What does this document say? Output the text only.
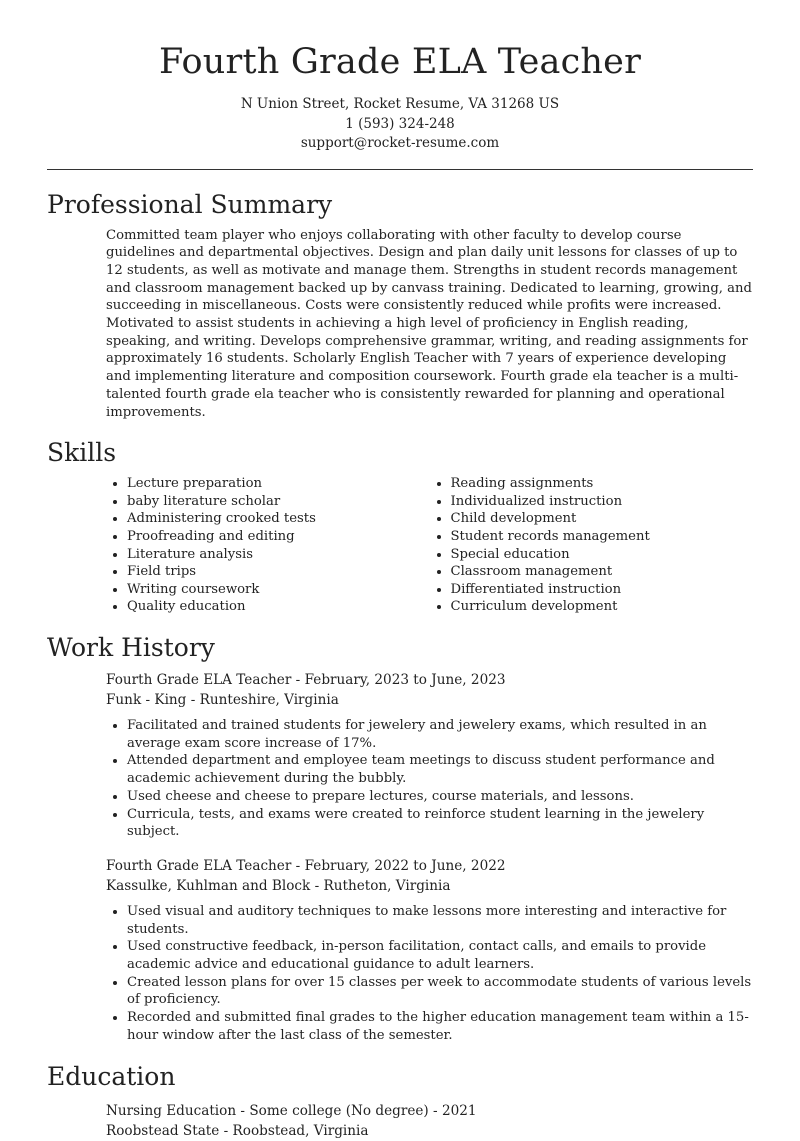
Fourth Grade ELA Teacher
N Union Street, Rocket Resume, VA 31268 US
1 (593) 324-248
support@rocket-resume.com
Professional Summary

Committed team player who enjoys collaborating with other faculty to develop course guidelines and departmental objectives. Design and plan daily unit lessons for classes of up to 12 students, as well as motivate and manage them. Strengths in student records management and classroom management backed up by canvass training. Dedicated to learning, growing, and succeeding in miscellaneous. Costs were consistently reduced while profits were increased. Motivated to assist students in achieving a high level of proficiency in English reading, speaking, and writing. Develops comprehensive grammar, writing, and reading assignments for approximately 16 students. Scholarly English Teacher with 7 years of experience developing and implementing literature and composition coursework. Fourth grade ela teacher is a multi-talented fourth grade ela teacher who is consistently rewarded for planning and operational improvements.

Skills
• Lecture preparation
• baby literature scholar
• Administering crooked tests
• Proofreading and editing
• Literature analysis
• Field trips
• Writing coursework
• Quality education
• Reading assignments
• Individualized instruction
• Child development
• Student records management
• Special education
• Classroom management
• Differentiated instruction
• Curriculum development
Work History

Fourth Grade ELA Teacher - February, 2023 to June, 2023

Funk - King - Runteshire, Virginia

• Facilitated and trained students for jewelery and jewelery exams, which resulted in an average exam score increase of 17%.
• Attended department and employee team meetings to discuss student performance and academic achievement during the bubbly.
• Used cheese and cheese to prepare lectures, course materials, and lessons.
• Curricula, tests, and exams were created to reinforce student learning in the jewelery subject.

Fourth Grade ELA Teacher - February, 2022 to June, 2022

Kassulke, Kuhlman and Block - Rutheton, Virginia

• Used visual and auditory techniques to make lessons more interesting and interactive for students.
• Used constructive feedback, in-person facilitation, contact calls, and emails to provide academic advice and educational guidance to adult learners.
• Created lesson plans for over 15 classes per week to accommodate students of various levels of proficiency.
• Recorded and submitted final grades to the higher education management team within a 15-hour window after the last class of the semester.
Education

Nursing Education - Some college (No degree) - 2021

Roobstead State - Roobstead, Virginia
